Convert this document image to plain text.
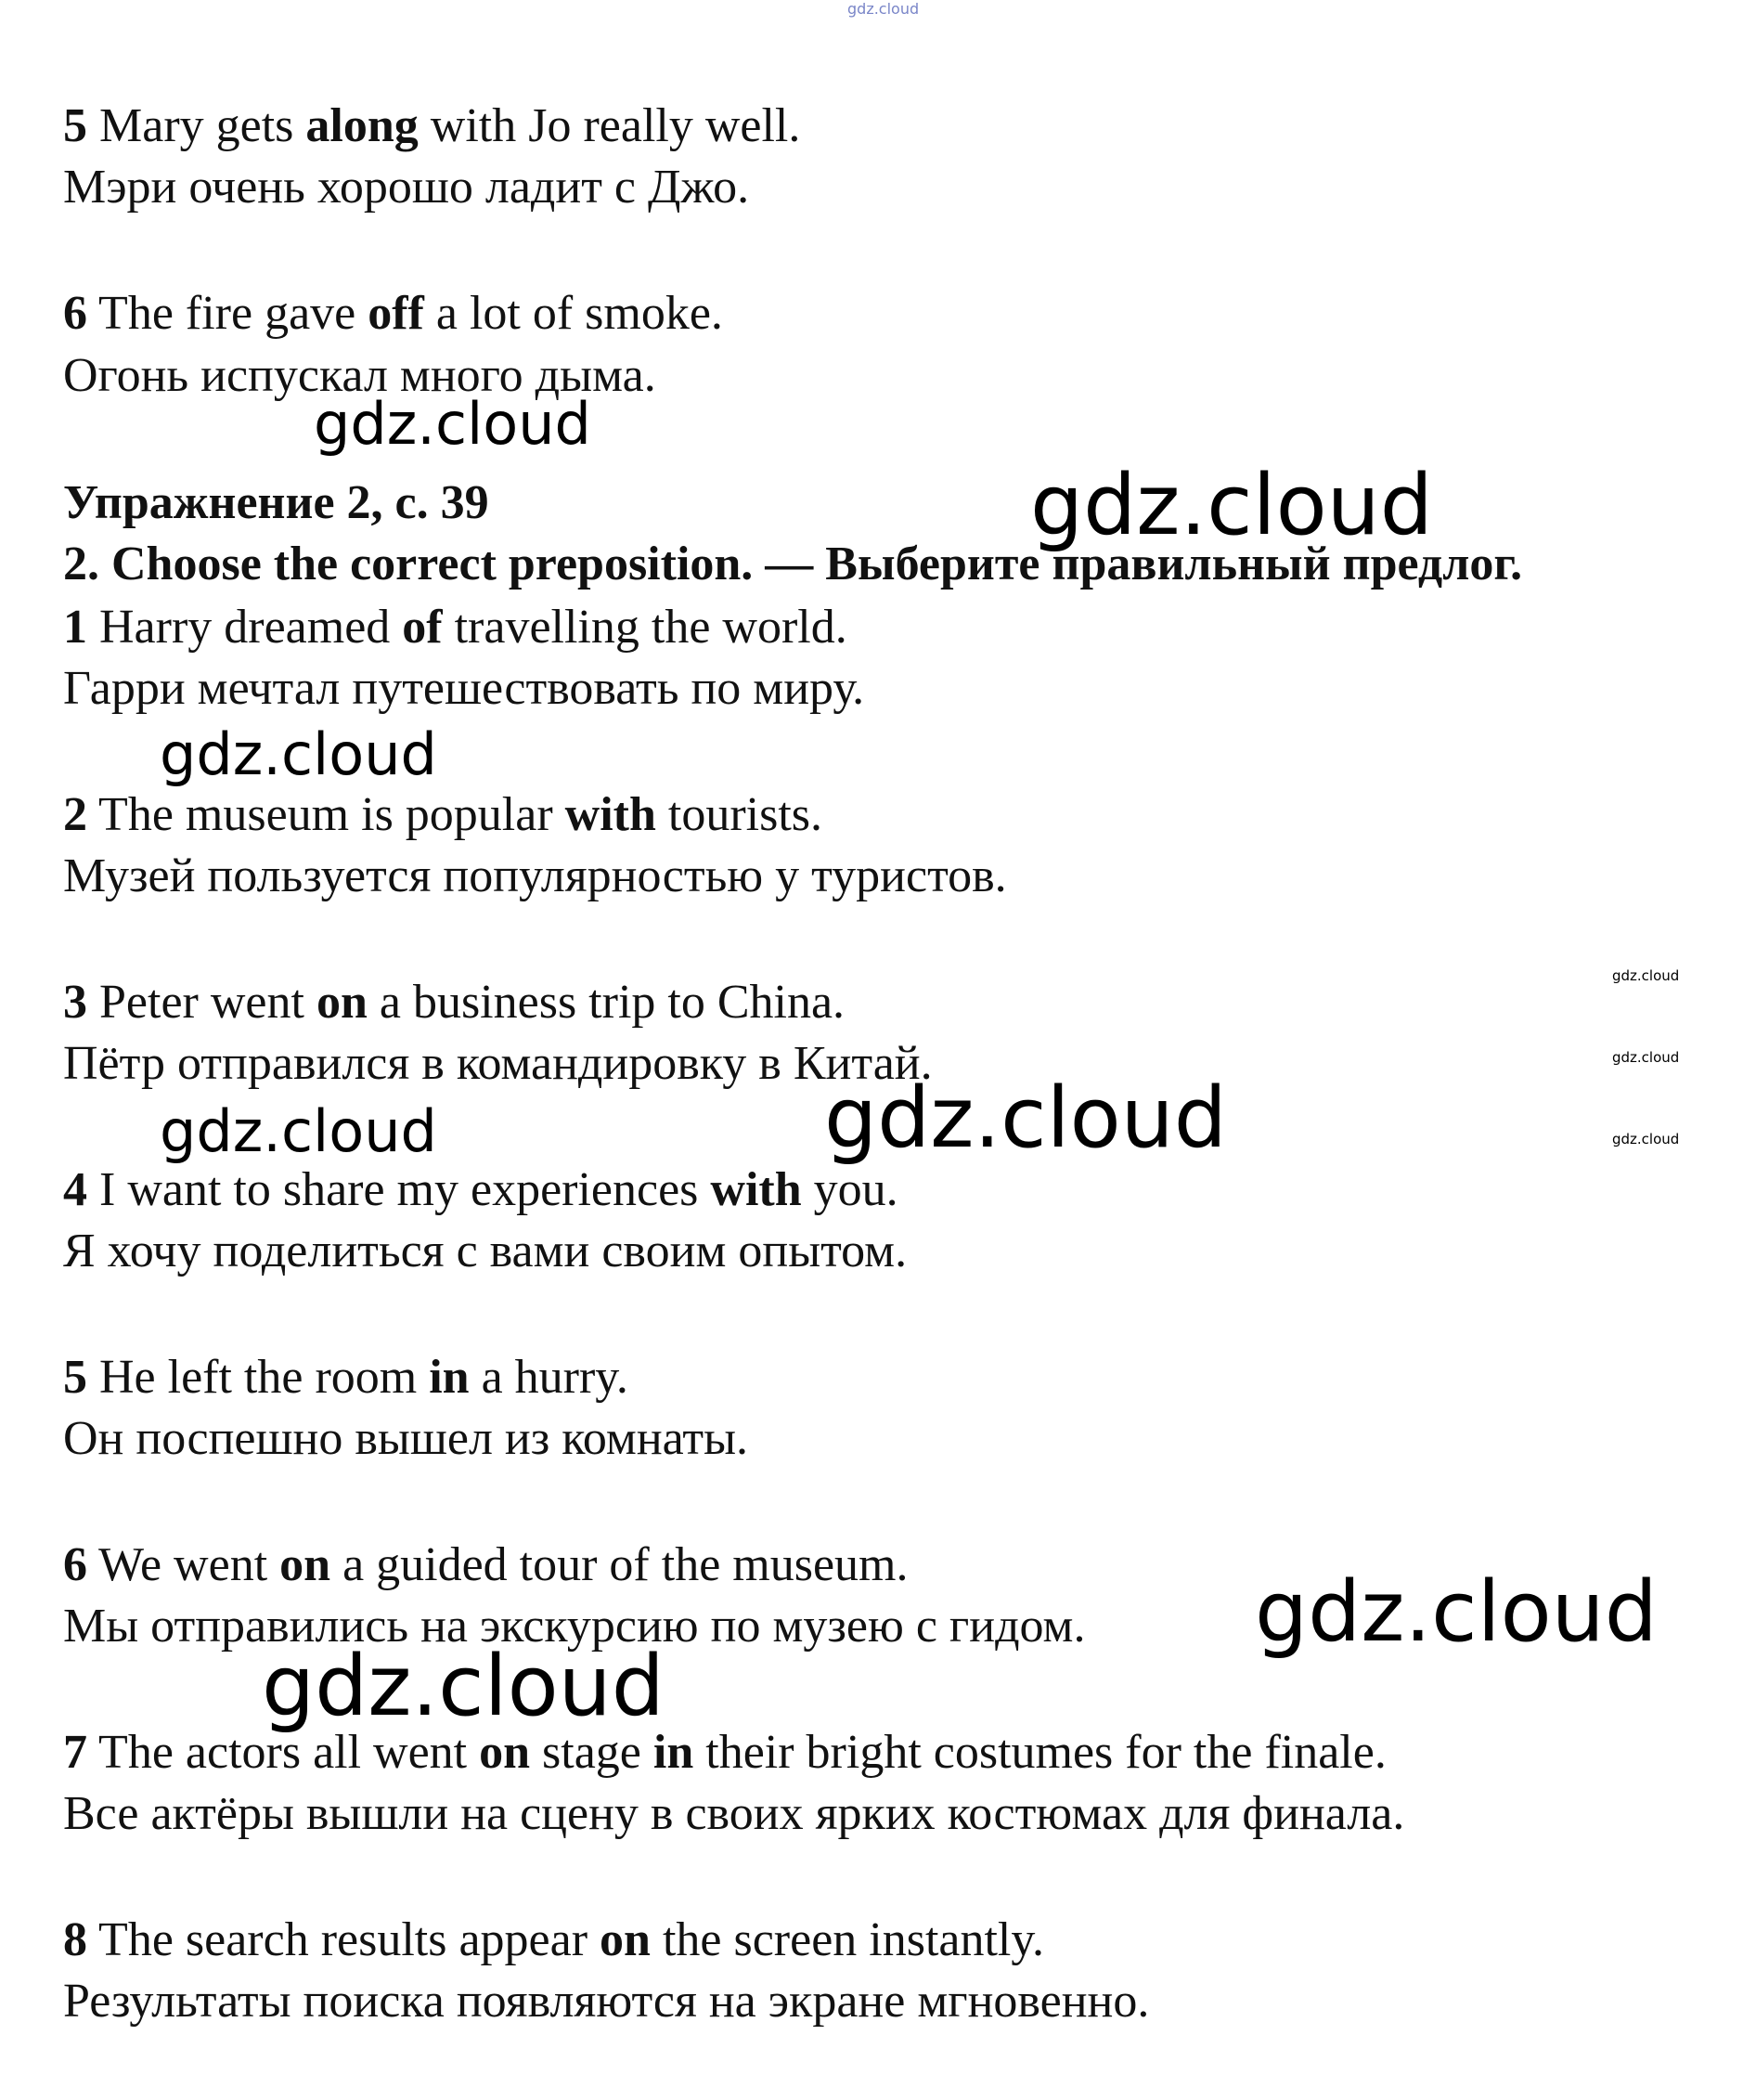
gdz.cloud
5 Mary gets along with Jo really well.
Мэри очень хорошо ладит с Джо.
6 The fire gave off a lot of smoke.
Огонь испускал много дыма.
gdz.cloud
Упражнение 2, с. 39	gdz.cloud
2. Choose the correct preposition. — Выберите правильный предлог.
1 Harry dreamed of travelling the world.
Гарри мечтал путешествовать по миру.
gdz.cloud
2 The museum is popular with tourists.
Музей пользуется популярностью у туристов.
gdz.cloud
gdz.cloud
gdz.cloud
3 Peter went on a business trip to China.
Пётр отправился в командировку в Китай.
gdz.cloud	gdz.cloud
4 I want to share my experiences with you.
Я хочу поделиться с вами своим опытом.
5 He left the room in a hurry.
Он поспешно вышел из комнаты.
6 We went on a guided tour of the museum.
Мы отправились на экскурсию по музею с гидом. gdz.cloud
gdz.cloud
7 The actors all went on stage in their bright costumes for the finale.
Все актёры вышли на сцену в своих ярких костюмах для финала.
8 The search results appear on the screen instantly.
Результаты поиска появляются на экране мгновенно.
